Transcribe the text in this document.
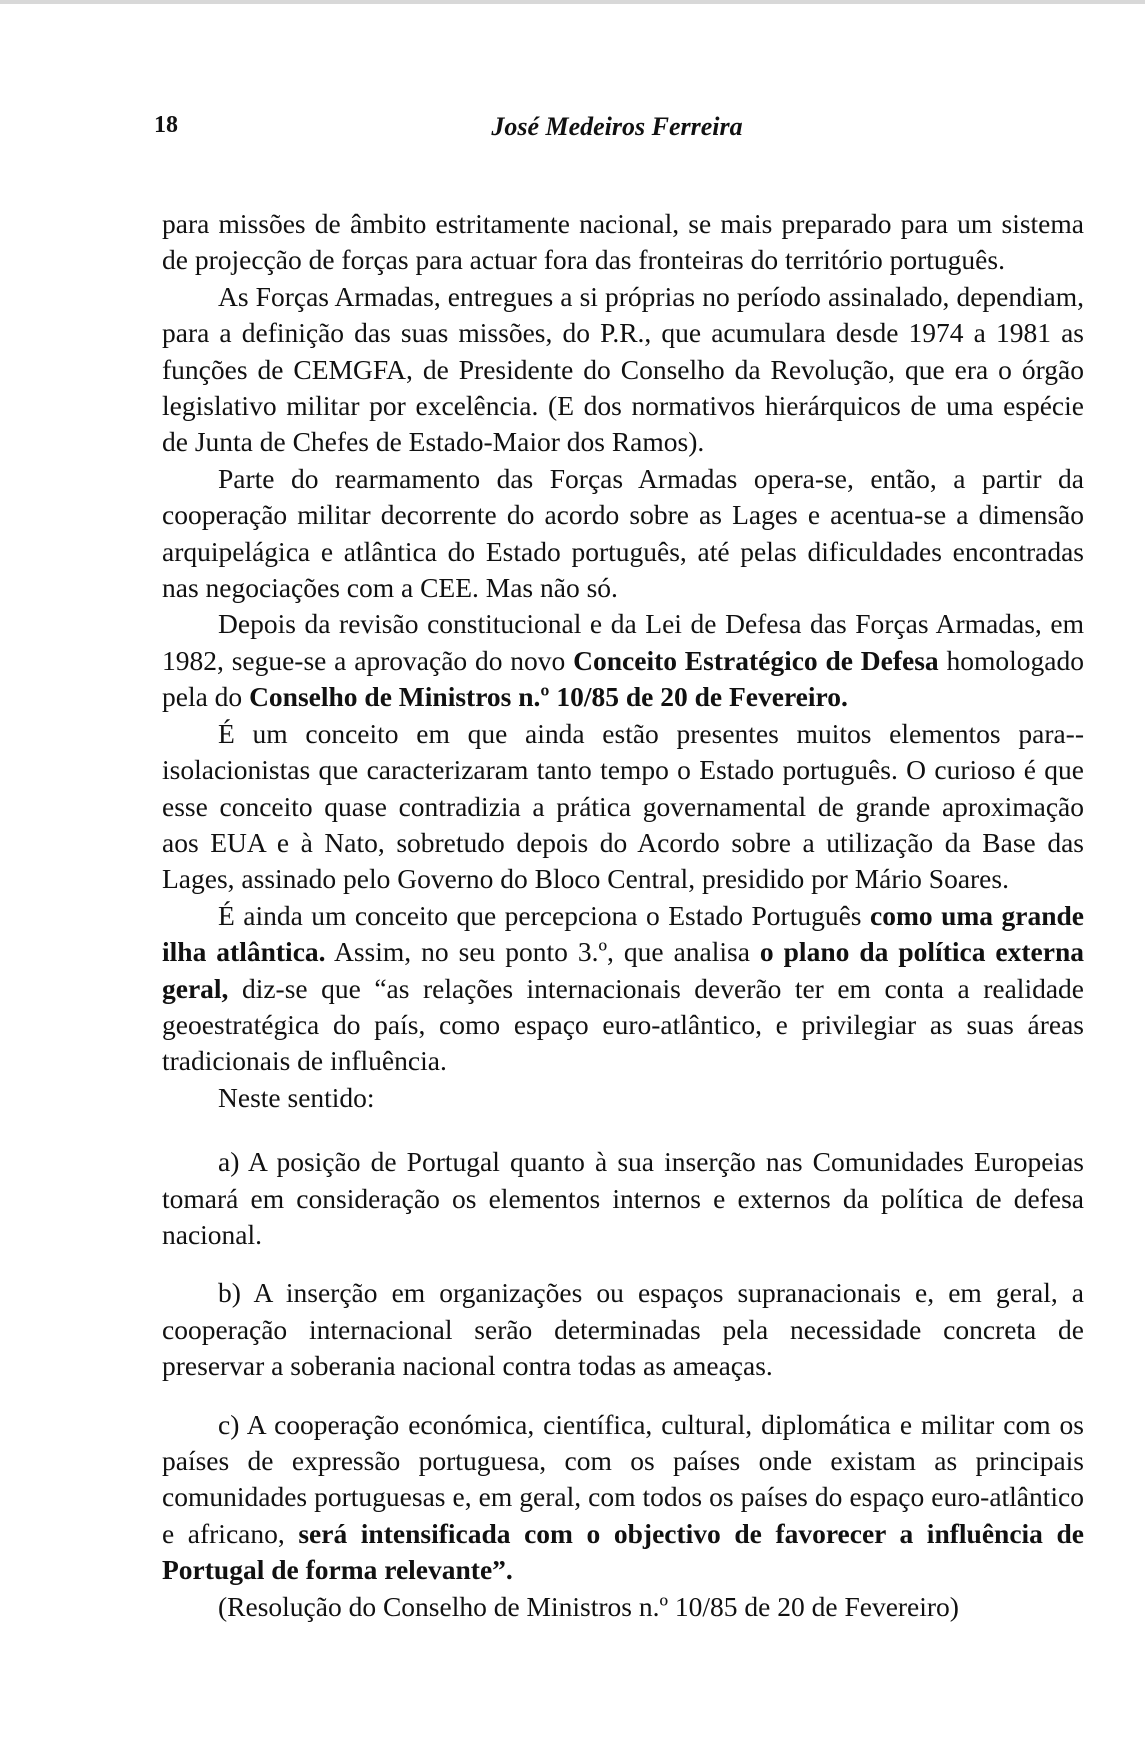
18	José Medeiros Ferreira

para missões de âmbito estritamente nacional, se mais preparado para um sistema de projecção de forças para actuar fora das fronteiras do território português.

As Forças Armadas, entregues a si próprias no período assinalado, dependiam, para a definição das suas missões, do P.R., que acumulara desde 1974 a 1981 as funções de CEMGFA, de Presidente do Conselho da Revolução, que era o órgão legislativo militar por excelência. (E dos normativos hierárquicos de uma espécie de Junta de Chefes de Estado-Maior dos Ramos).

Parte do rearmamento das Forças Armadas opera-se, então, a partir da cooperação militar decorrente do acordo sobre as Lages e acentua-se a dimensão arquipelágica e atlântica do Estado português, até pelas dificuldades encontradas nas negociações com a CEE. Mas não só.

Depois da revisão constitucional e da Lei de Defesa das Forças Armadas, em 1982, segue-se a aprovação do novo Conceito Estratégico de Defesa homologado pela do Conselho de Ministros n.º 10/85 de 20 de Fevereiro.

É um conceito em que ainda estão presentes muitos elementos para--isolacionistas que caracterizaram tanto tempo o Estado português. O curioso é que esse conceito quase contradizia a prática governamental de grande aproximação aos EUA e à Nato, sobretudo depois do Acordo sobre a utilização da Base das Lages, assinado pelo Governo do Bloco Central, presidido por Mário Soares.

É ainda um conceito que percepciona o Estado Português como uma grande ilha atlântica. Assim, no seu ponto 3.º, que analisa o plano da política externa geral, diz-se que “as relações internacionais deverão ter em conta a realidade geoestratégica do país, como espaço euro-atlântico, e privilegiar as suas áreas tradicionais de influência.

Neste sentido:

a) A posição de Portugal quanto à sua inserção nas Comunidades Europeias tomará em consideração os elementos internos e externos da política de defesa nacional.

b) A inserção em organizações ou espaços supranacionais e, em geral, a cooperação internacional serão determinadas pela necessidade concreta de preservar a soberania nacional contra todas as ameaças.

c) A cooperação económica, científica, cultural, diplomática e militar com os países de expressão portuguesa, com os países onde existam as principais comunidades portuguesas e, em geral, com todos os países do espaço euro-atlântico e africano, será intensificada com o objectivo de favorecer a influência de Portugal de forma relevante”.

(Resolução do Conselho de Ministros n.º 10/85 de 20 de Fevereiro)
